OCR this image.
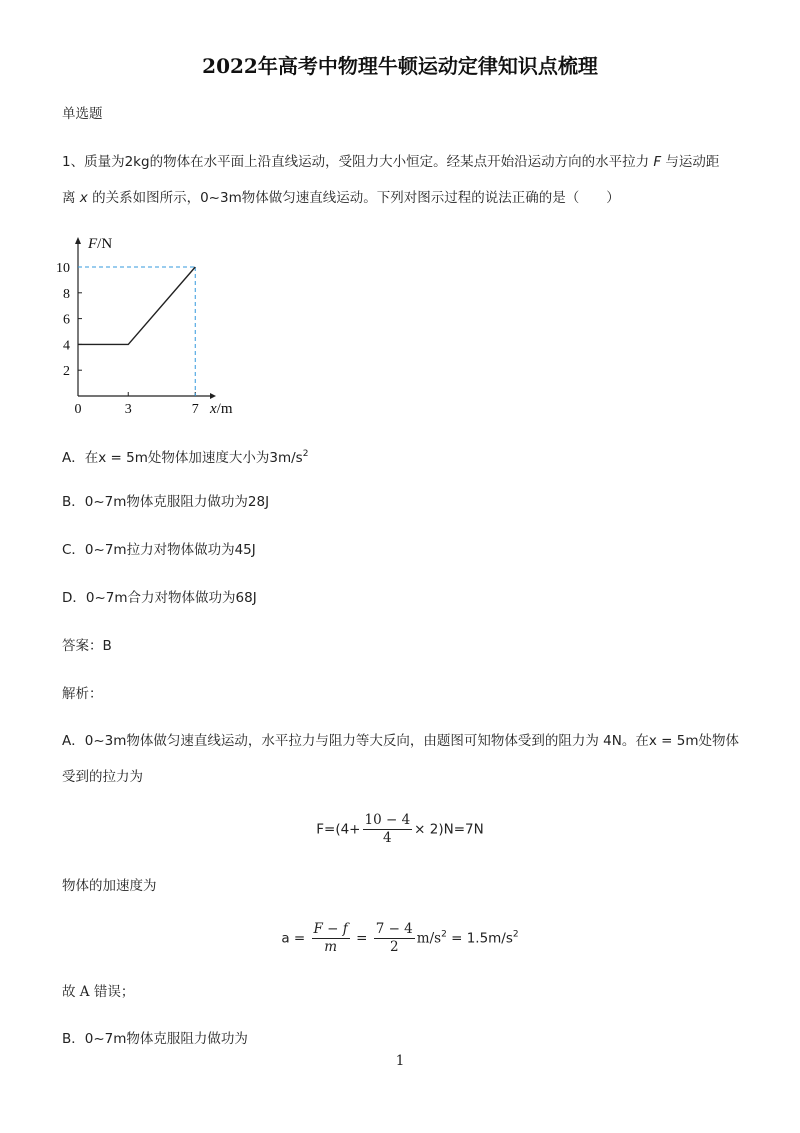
2022年高考中物理牛顿运动定律知识点梳理
单选题
1、质量为2kg的物体在水平面上沿直线运动，受阻力大小恒定。经某点开始沿运动方向的水平拉力 F 与运动距
离 x 的关系如图所示，0~3m物体做匀速直线运动。下列对图示过程的说法正确的是（　　）
2
4
6
8
10
0	3	7
F/N
x/m
A．在x = 5m处物体加速度大小为$3m/s^2$
B．0~7m物体克服阻力做功为28J
C．0~7m拉力对物体做功为45J
D．0~7m合力对物体做功为68J
答案：B
解析：
A．0~3m物体做匀速直线运动，水平拉力与阻力等大反向，由题图可知物体受到的阻力为 4N。在x = 5m处物体
受到的拉力为
$F=(4+ \frac{10 - 4}{4} \times 2)N=7N$
物体的加速度为
$a = \frac{F - f}{m} = \frac{7 - 4}{2} m/s^2 = 1.5m/s^2$
故 A 错误；
B．0~7m物体克服阻力做功为
1
